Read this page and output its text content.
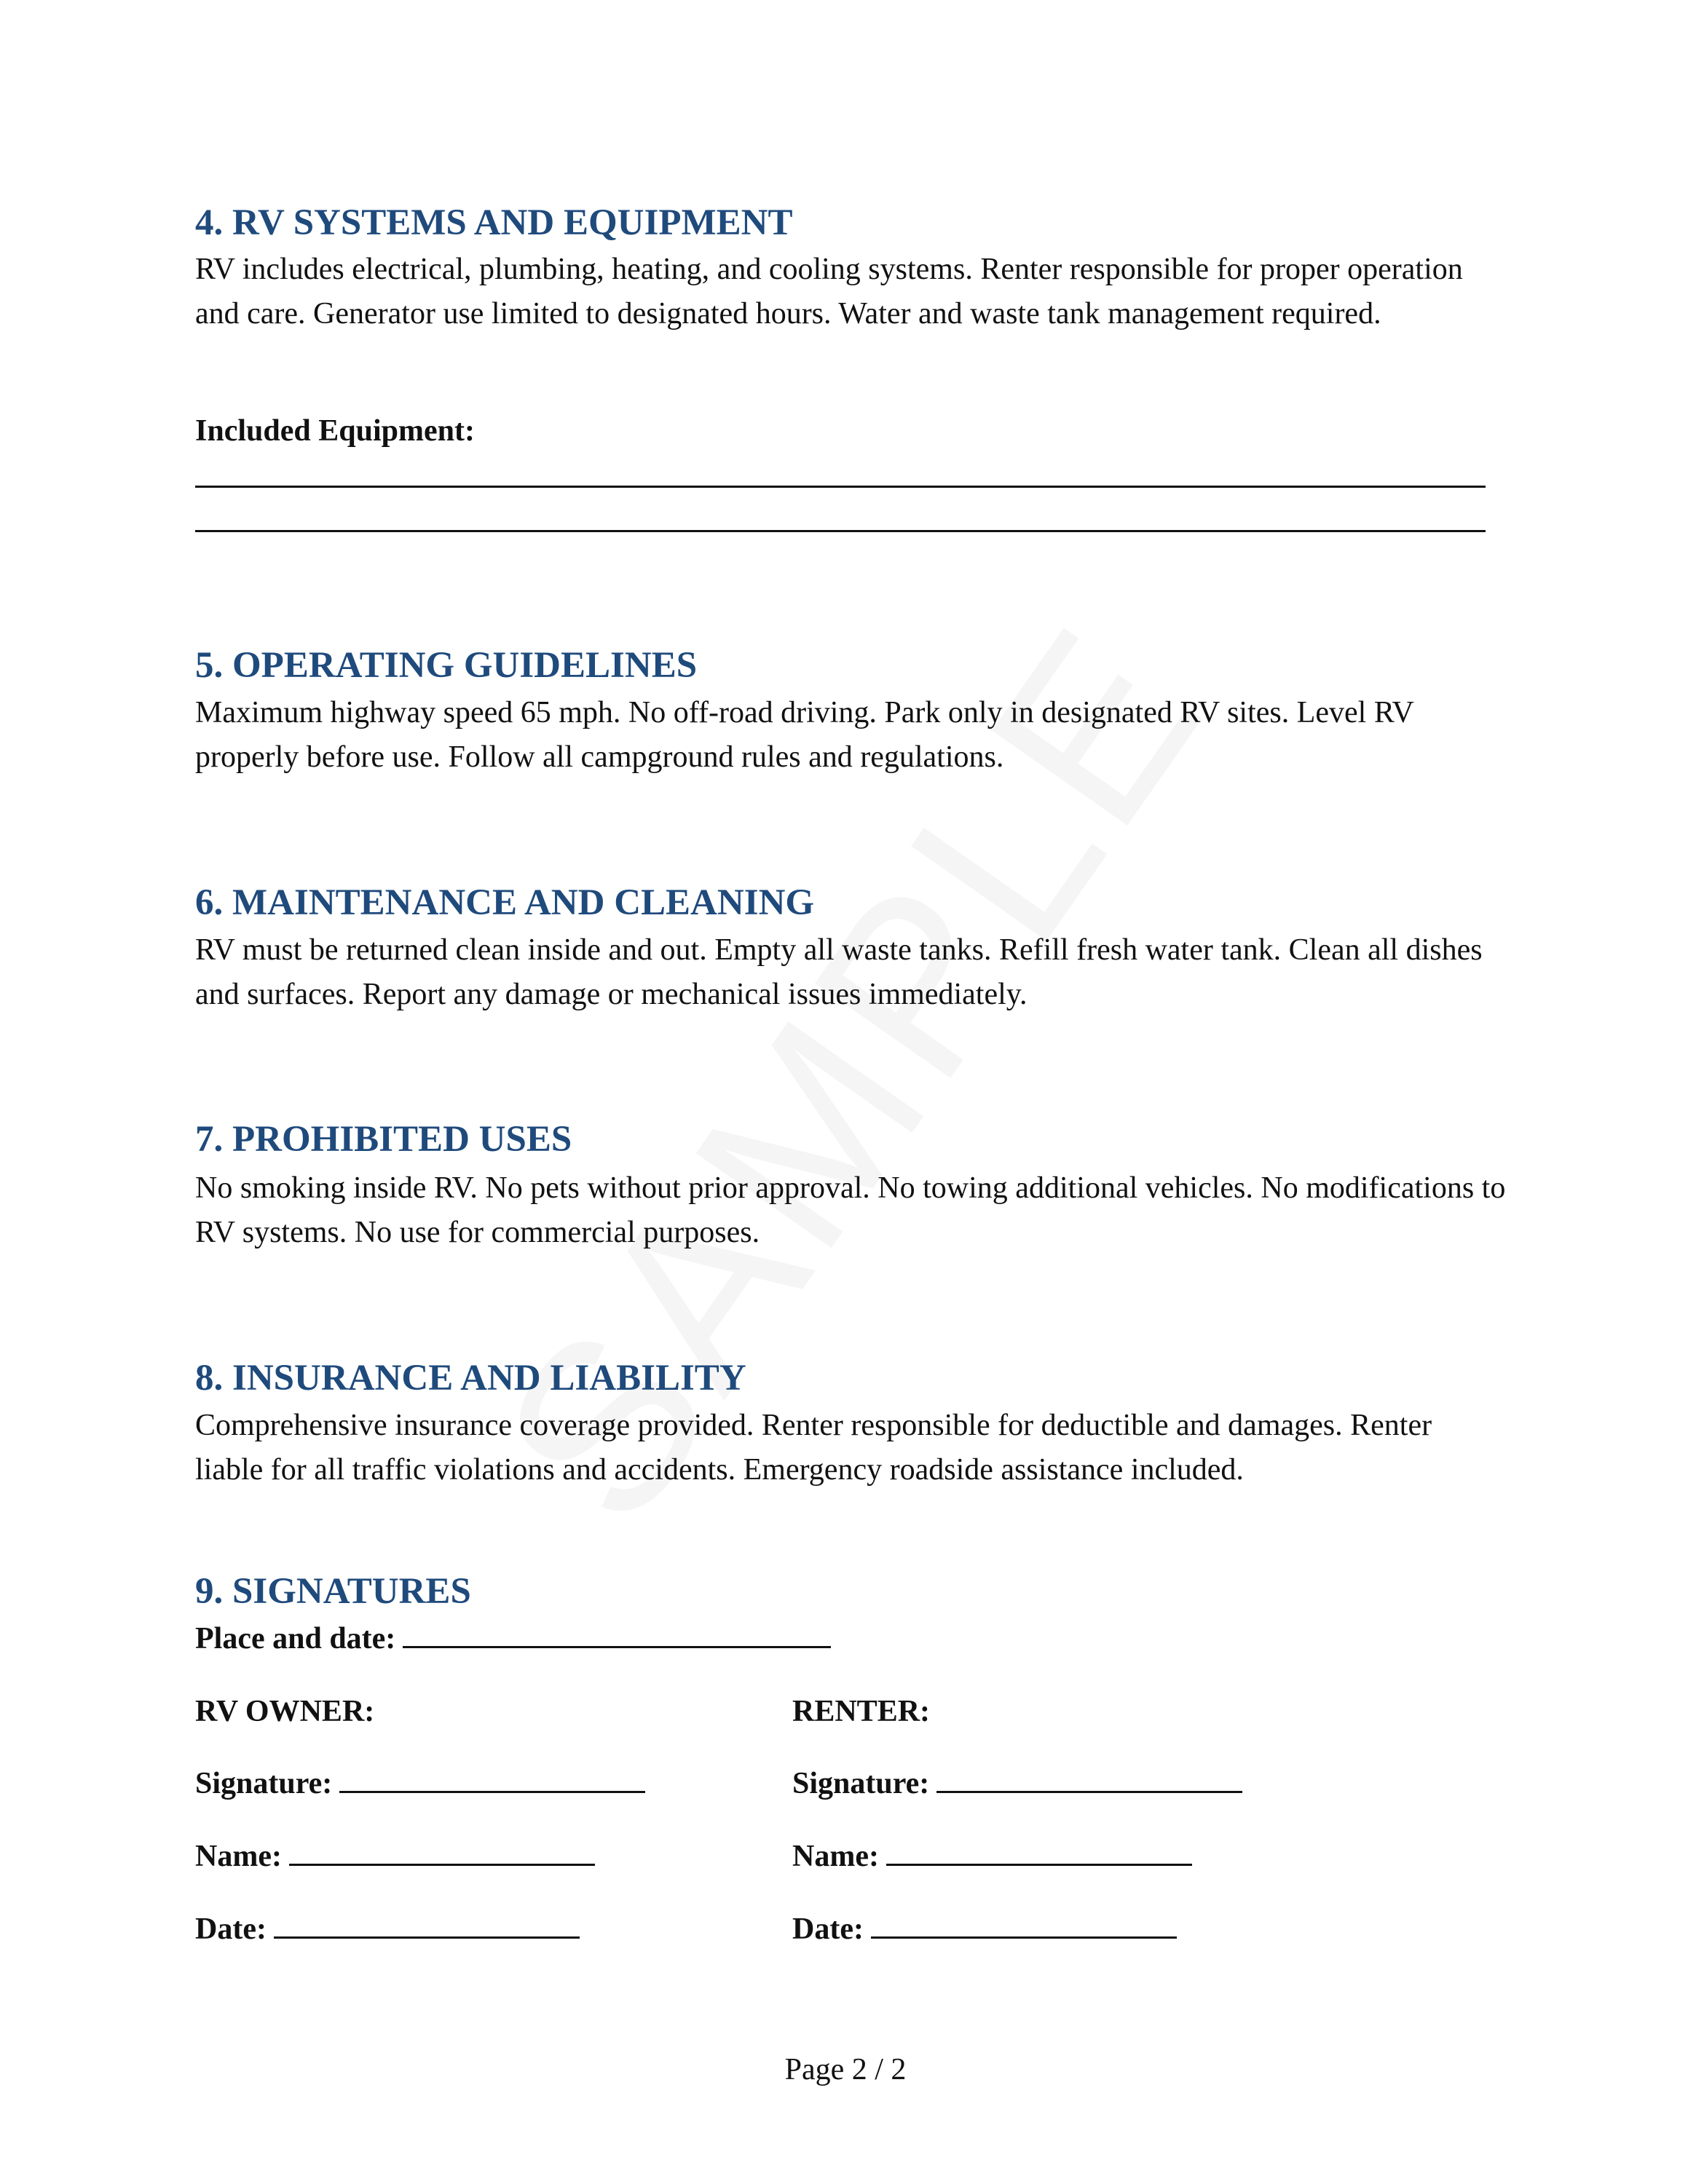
4. RV SYSTEMS AND EQUIPMENT
RV includes electrical, plumbing, heating, and cooling systems. Renter responsible for proper operation and care. Generator use limited to designated hours. Water and waste tank management required.
Included Equipment:
5. OPERATING GUIDELINES
Maximum highway speed 65 mph. No off-road driving. Park only in designated RV sites. Level RV properly before use. Follow all campground rules and regulations.
6. MAINTENANCE AND CLEANING
RV must be returned clean inside and out. Empty all waste tanks. Refill fresh water tank. Clean all dishes and surfaces. Report any damage or mechanical issues immediately.
7. PROHIBITED USES
No smoking inside RV. No pets without prior approval. No towing additional vehicles. No modifications to RV systems. No use for commercial purposes.
8. INSURANCE AND LIABILITY
Comprehensive insurance coverage provided. Renter responsible for deductible and damages. Renter liable for all traffic violations and accidents. Emergency roadside assistance included.
9. SIGNATURES
Place and date:
RV OWNER:
Signature:
Name:
Date:
RENTER:
Signature:
Name:
Date:
Page 2 / 2
